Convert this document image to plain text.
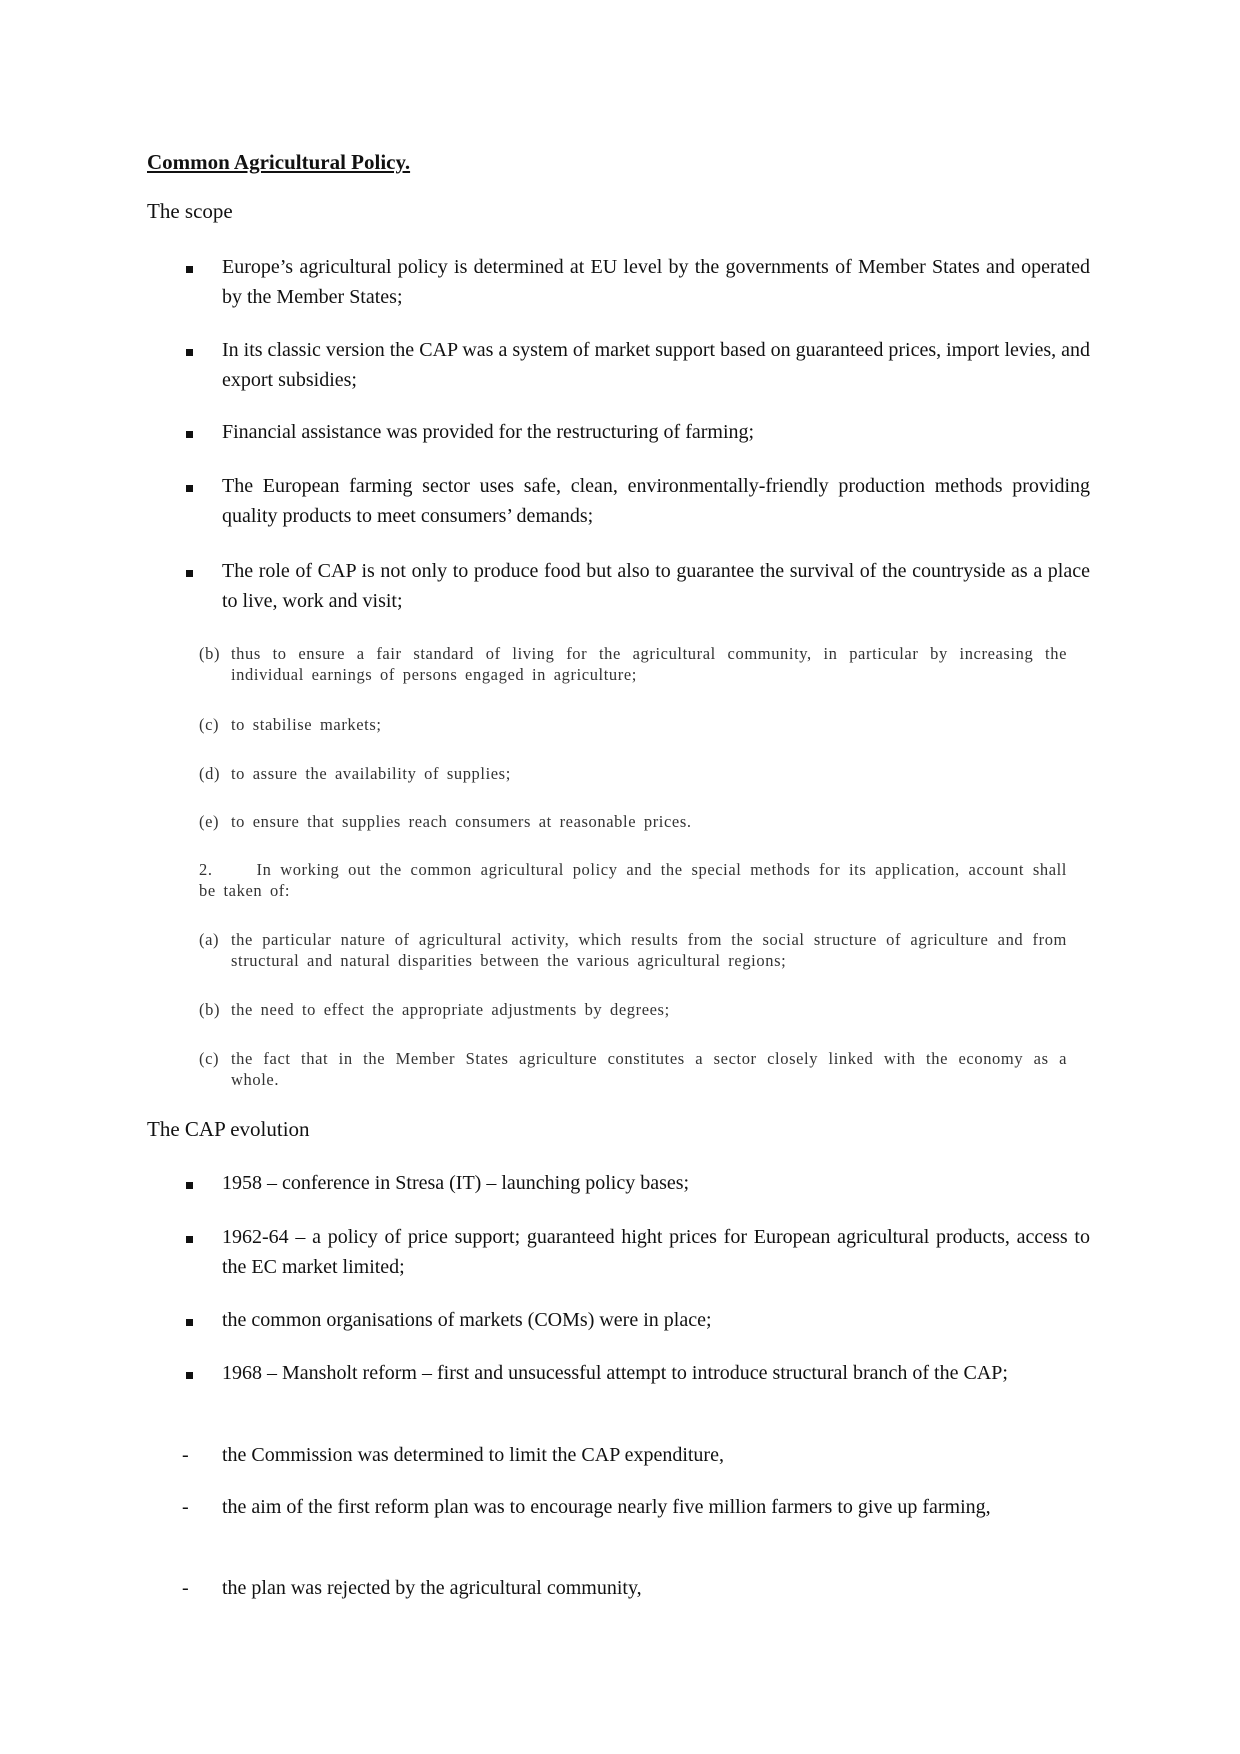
Common Agricultural Policy.
The scope
Europe’s agricultural policy is determined at EU level by the governments of Member States and operated by the Member States;
In its classic version the CAP was a system of market support based on guaranteed prices, import levies, and export subsidies;
Financial assistance was provided for the restructuring of farming;
The European farming sector uses safe, clean, environmentally-friendly production methods providing quality products to meet consumers’ demands;
The role of CAP is not only to produce food but also to guarantee the survival of the countryside as a place to live, work and visit;
(b) thus to ensure a fair standard of living for the agricultural community, in particular by increasing the individual earnings of persons engaged in agriculture;
(c) to stabilise markets;
(d) to assure the availability of supplies;
(e) to ensure that supplies reach consumers at reasonable prices.
2.	In working out the common agricultural policy and the special methods for its application, account shall be taken of:
(a) the particular nature of agricultural activity, which results from the social structure of agriculture and from structural and natural disparities between the various agricultural regions;
(b) the need to effect the appropriate adjustments by degrees;
(c) the fact that in the Member States agriculture constitutes a sector closely linked with the economy as a whole.
The CAP evolution
1958 – conference in Stresa (IT) – launching policy bases;
1962-64 – a policy of price support; guaranteed hight prices for European agricultural products, access to the EC market limited;
the common organisations of markets (COMs) were in place;
1968 – Mansholt reform – first and unsucessful attempt to introduce structural branch of the CAP;
-	the Commission was determined to limit the CAP expenditure,
-	the aim of the first reform plan was to encourage nearly five million farmers to give up farming,
-	the plan was rejected by the agricultural community,
